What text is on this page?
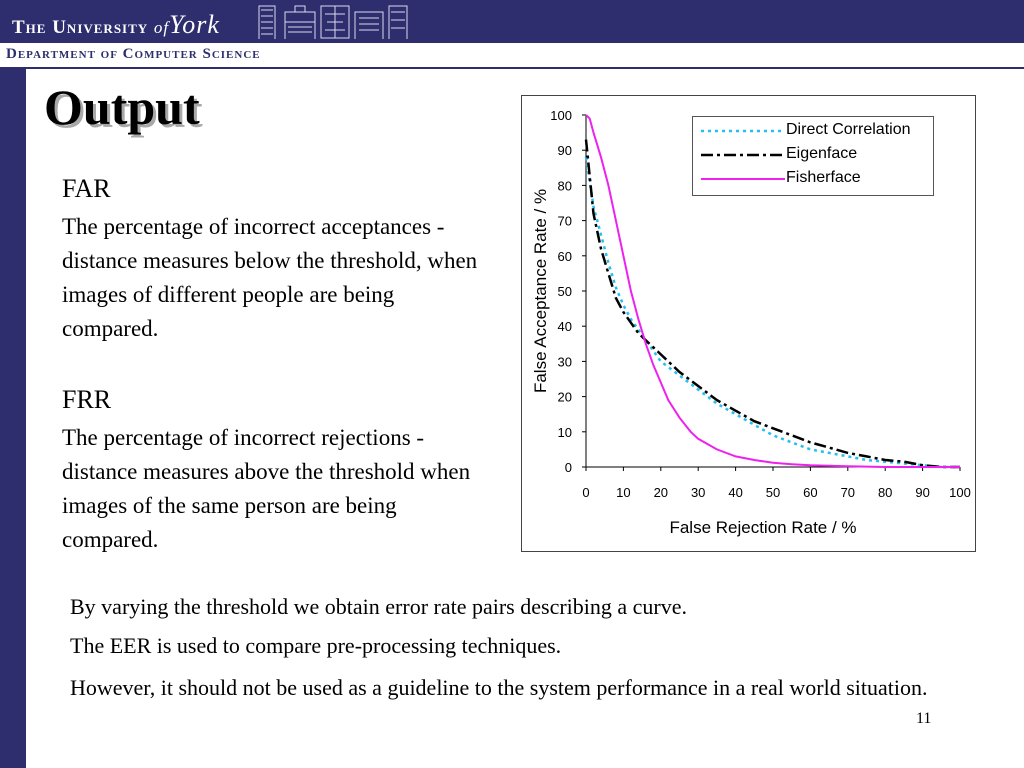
The University ofYork
Department of Computer Science
Output
FAR
The percentage of incorrect acceptances - distance measures below the threshold, when images of different people are being compared.
FRR
The percentage of incorrect rejections - distance measures above the threshold when images of the same person are being compared.
0 10 20 30 40 50 60 70 80 90 100
0
10
20
30
40
50
60
70
80
90
100
False Rejection Rate / %
False Acceptance Rate / %
Direct Correlation
Eigenface
Fisherface
By varying the threshold we obtain error rate pairs describing a curve.
The EER is used to compare pre-processing techniques.
However, it should not be used as a guideline to the system performance in a real world situation.
11
